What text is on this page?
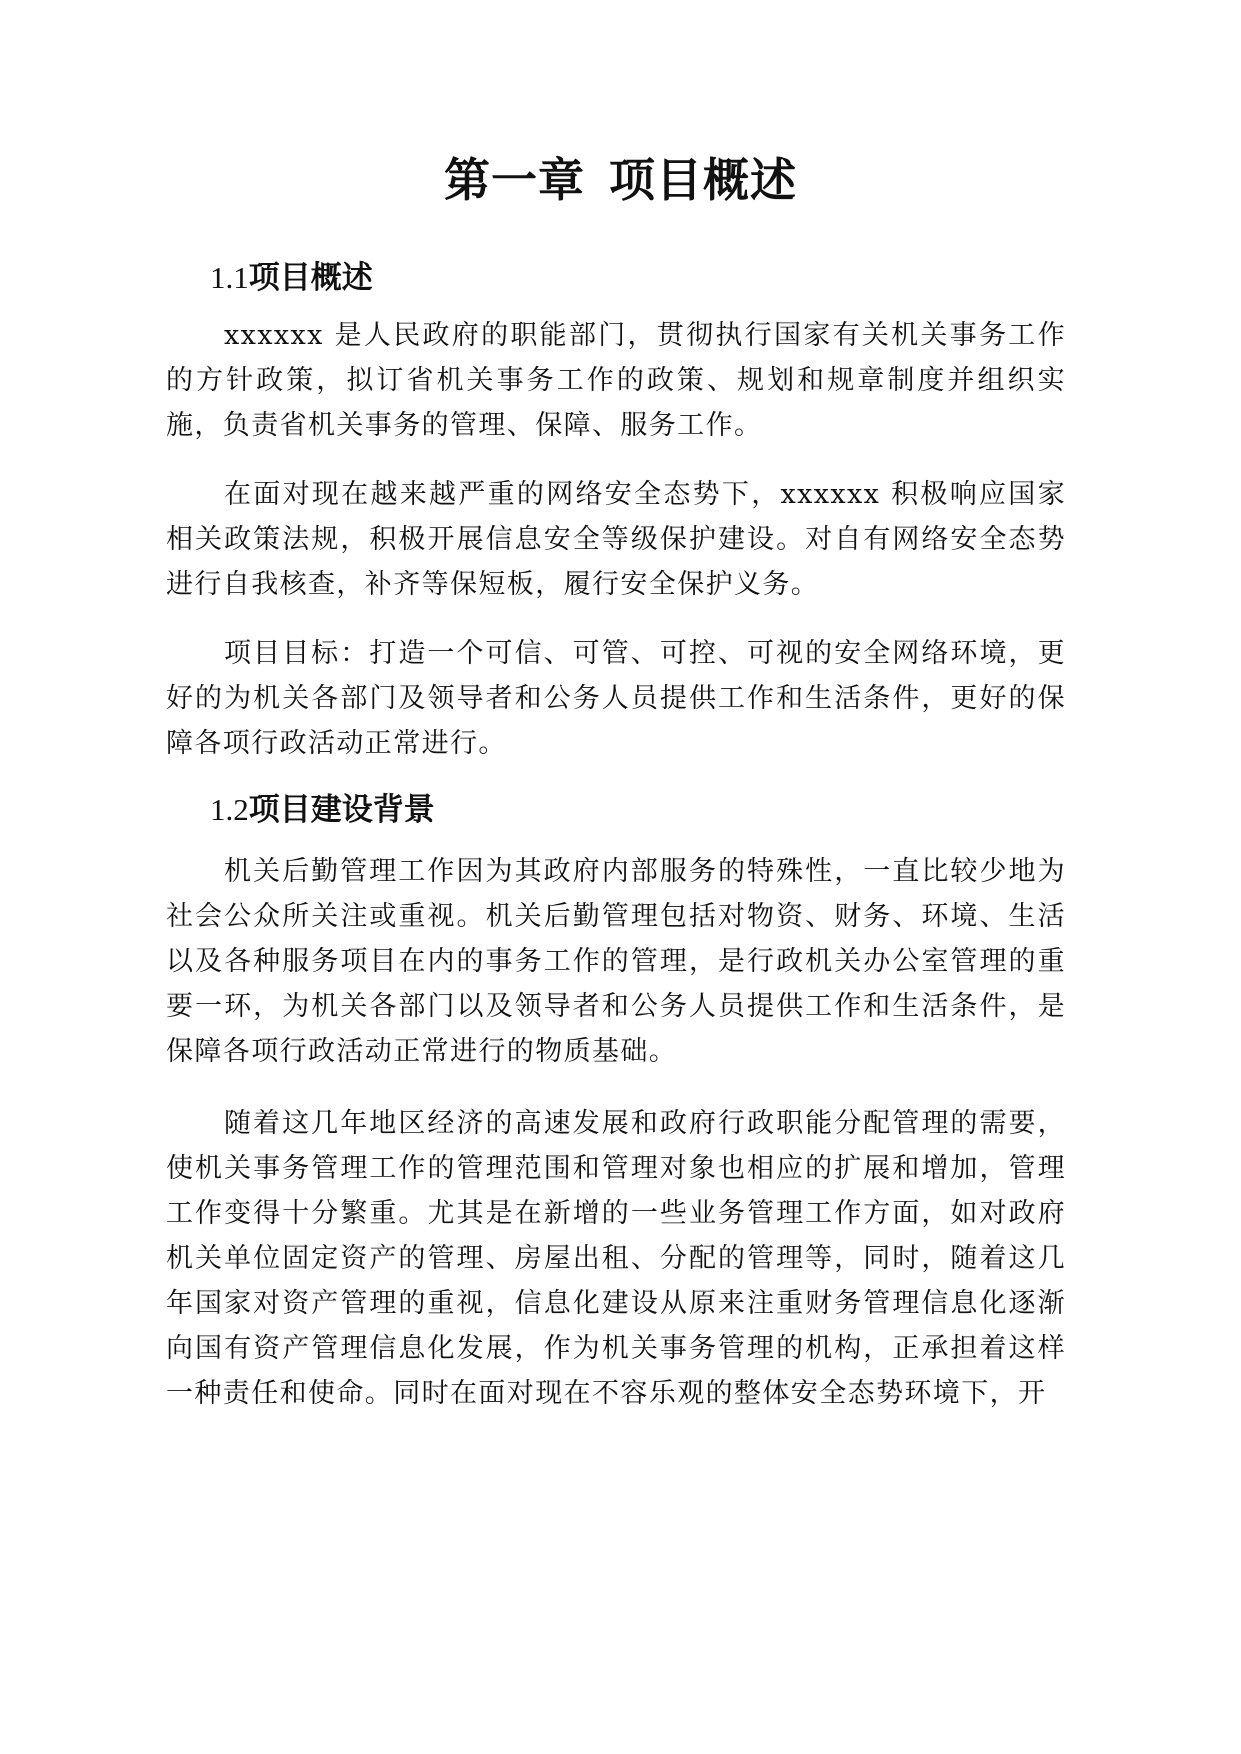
第一章 项目概述
1.1项目概述

xxxxxx 是人民政府的职能部门，贯彻执行国家有关机关事务工作的方针政策，拟订省机关事务工作的政策、规划和规章制度并组织实施，负责省机关事务的管理、保障、服务工作。

在面对现在越来越严重的网络安全态势下，xxxxxx 积极响应国家相关政策法规，积极开展信息安全等级保护建设。对自有网络安全态势进行自我核查，补齐等保短板，履行安全保护义务。

项目目标：打造一个可信、可管、可控、可视的安全网络环境，更好的为机关各部门及领导者和公务人员提供工作和生活条件，更好的保障各项行政活动正常进行。

1.2项目建设背景

机关后勤管理工作因为其政府内部服务的特殊性，一直比较少地为社会公众所关注或重视。机关后勤管理包括对物资、财务、环境、生活以及各种服务项目在内的事务工作的管理，是行政机关办公室管理的重要一环，为机关各部门以及领导者和公务人员提供工作和生活条件，是保障各项行政活动正常进行的物质基础。

随着这几年地区经济的高速发展和政府行政职能分配管理的需要，使机关事务管理工作的管理范围和管理对象也相应的扩展和增加，管理工作变得十分繁重。尤其是在新增的一些业务管理工作方面，如对政府机关单位固定资产的管理、房屋出租、分配的管理等，同时，随着这几年国家对资产管理的重视，信息化建设从原来注重财务管理信息化逐渐向国有资产管理信息化发展，作为机关事务管理的机构，正承担着这样一种责任和使命。同时在面对现在不容乐观的整体安全态势环境下，开
